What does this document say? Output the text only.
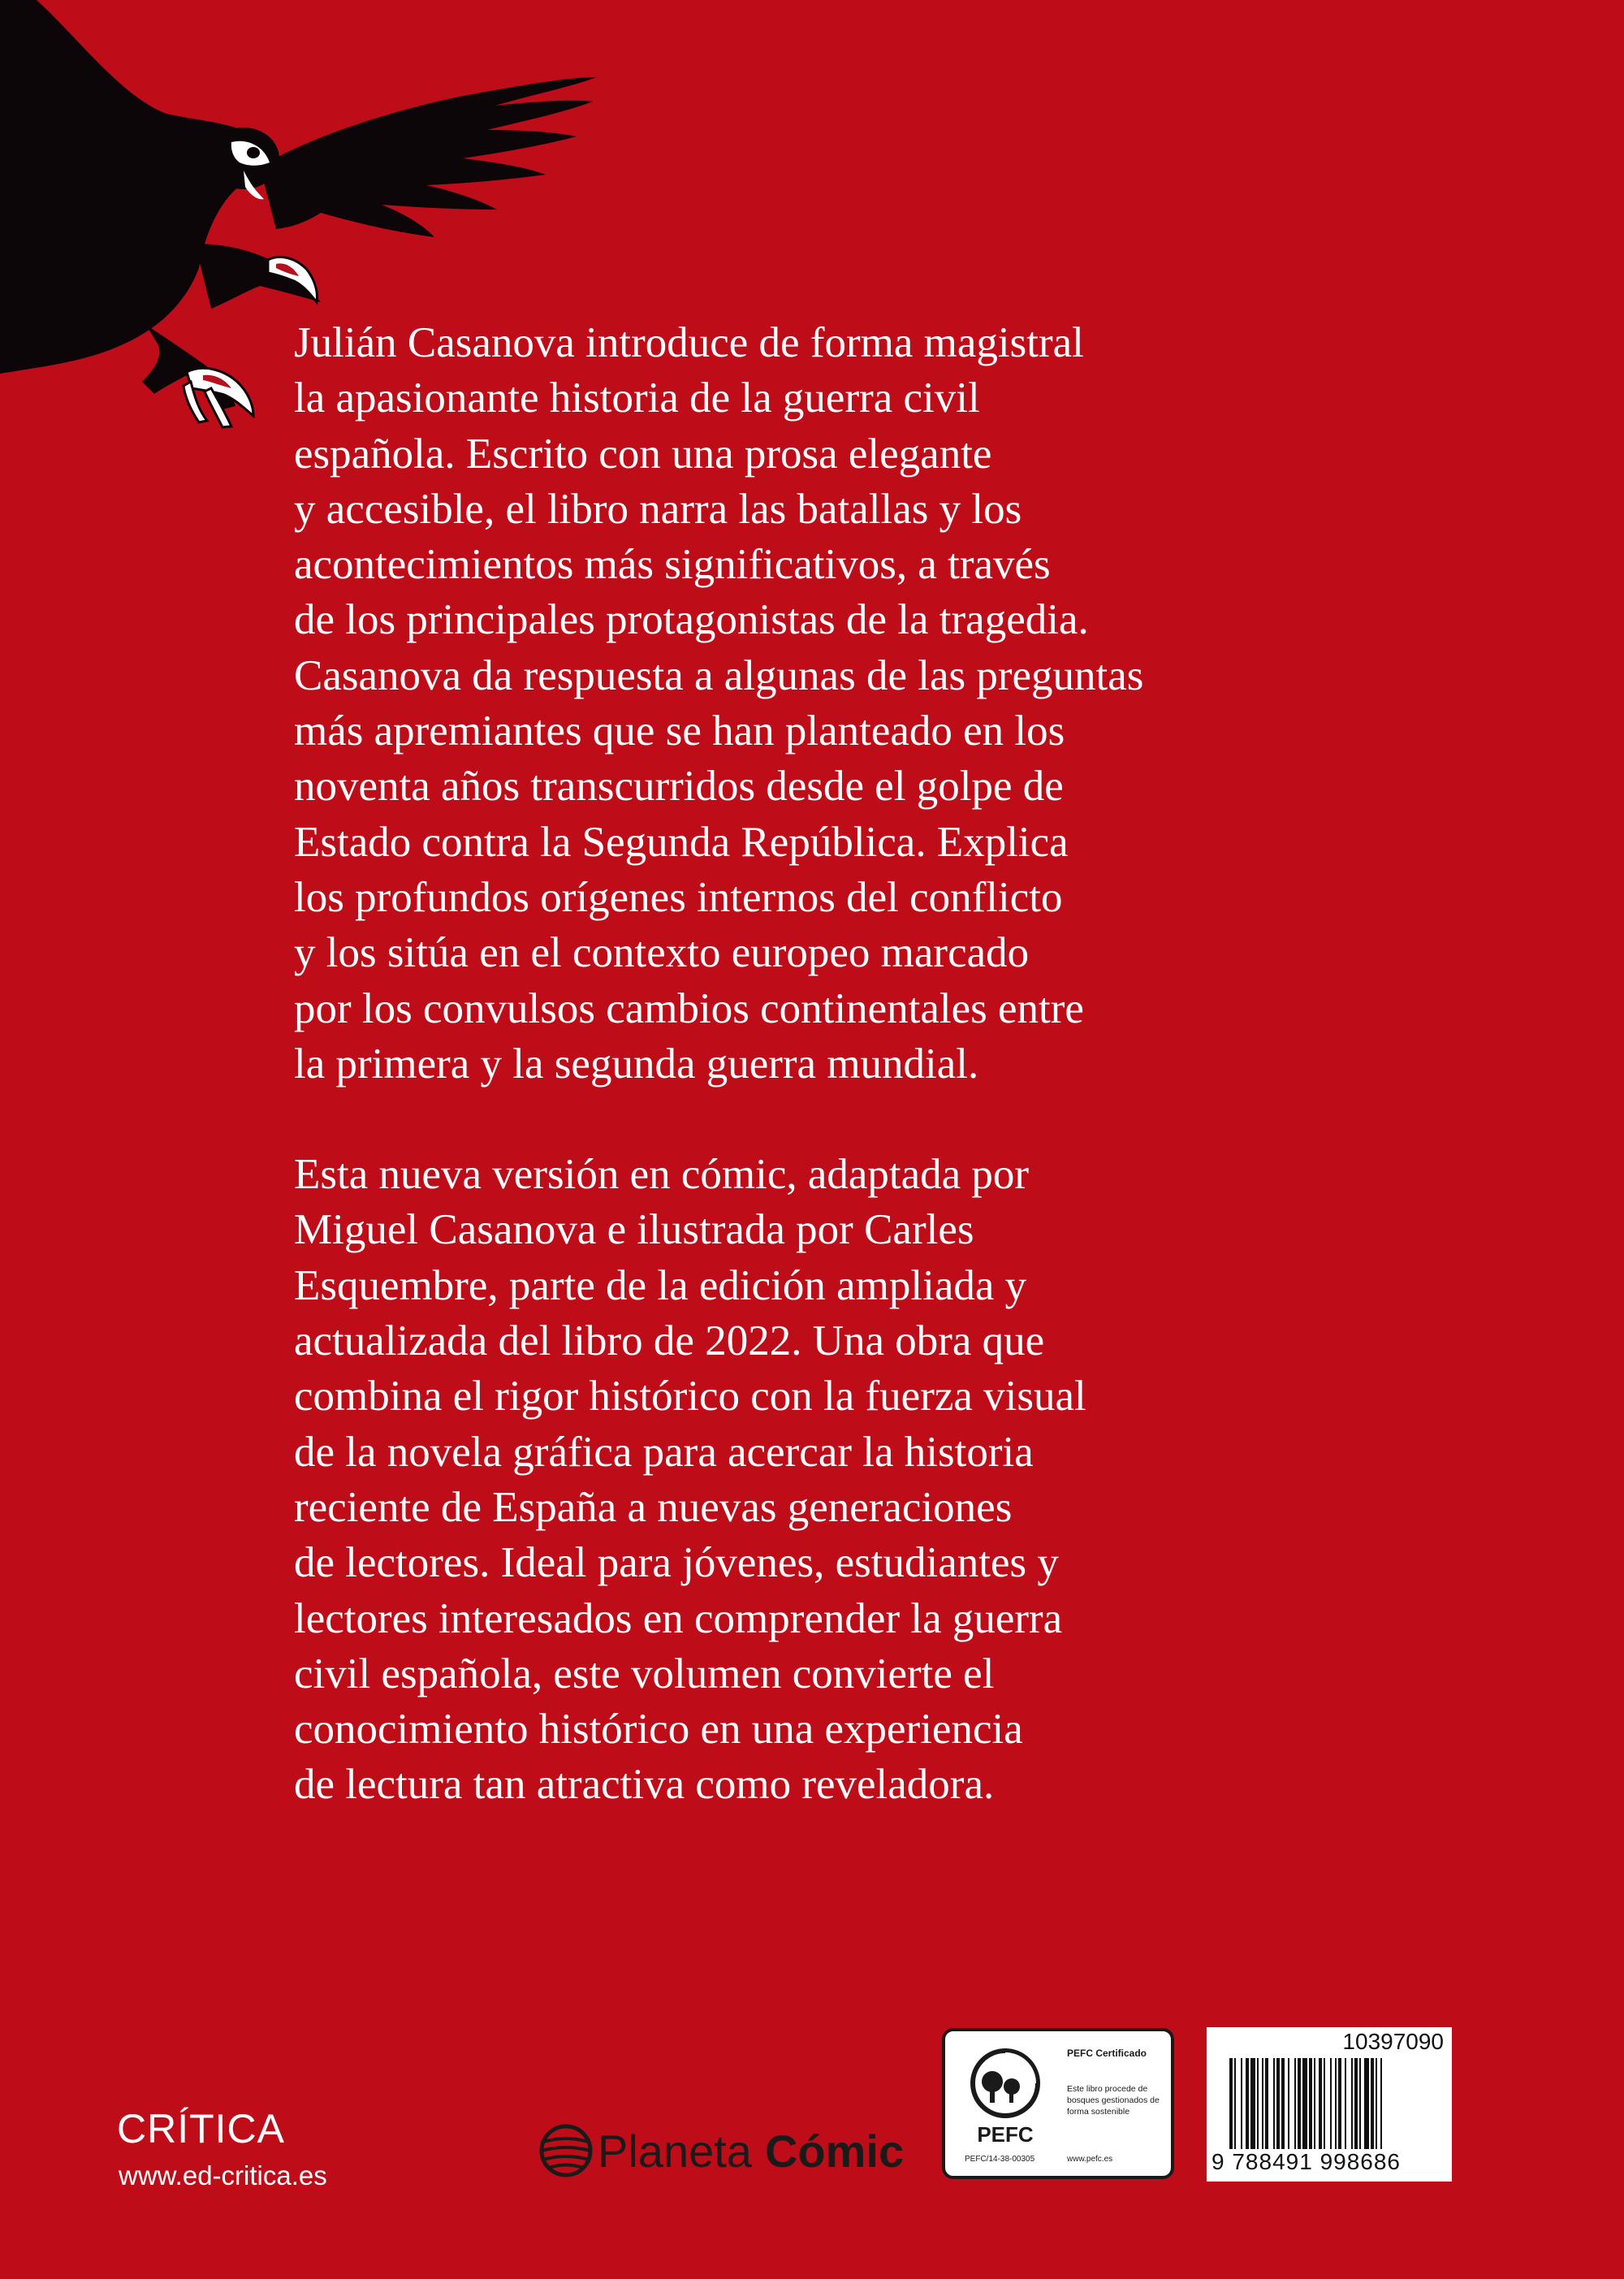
Julián Casanova introduce de forma magistral
la apasionante historia de la guerra civil
española. Escrito con una prosa elegante
y accesible, el libro narra las batallas y los
acontecimientos más significativos, a través
de los principales protagonistas de la tragedia.
Casanova da respuesta a algunas de las preguntas
más apremiantes que se han planteado en los
noventa años transcurridos desde el golpe de
Estado contra la Segunda República. Explica
los profundos orígenes internos del conflicto
y los sitúa en el contexto europeo marcado
por los convulsos cambios continentales entre
la primera y la segunda guerra mundial.

Esta nueva versión en cómic, adaptada por
Miguel Casanova e ilustrada por Carles
Esquembre, parte de la edición ampliada y
actualizada del libro de 2022. Una obra que
combina el rigor histórico con la fuerza visual
de la novela gráfica para acercar la historia
reciente de España a nuevas generaciones
de lectores. Ideal para jóvenes, estudiantes y
lectores interesados en comprender la guerra
civil española, este volumen convierte el
conocimiento histórico en una experiencia
de lectura tan atractiva como reveladora.

CRÍTICA
www.ed-critica.es	Planeta Cómic	PEFC
PEFC Certificado
Este libro procede de bosques gestionados de forma sostenible
PEFC/14-38-00305	www.pefc.es
10397090
9 788491 998686
